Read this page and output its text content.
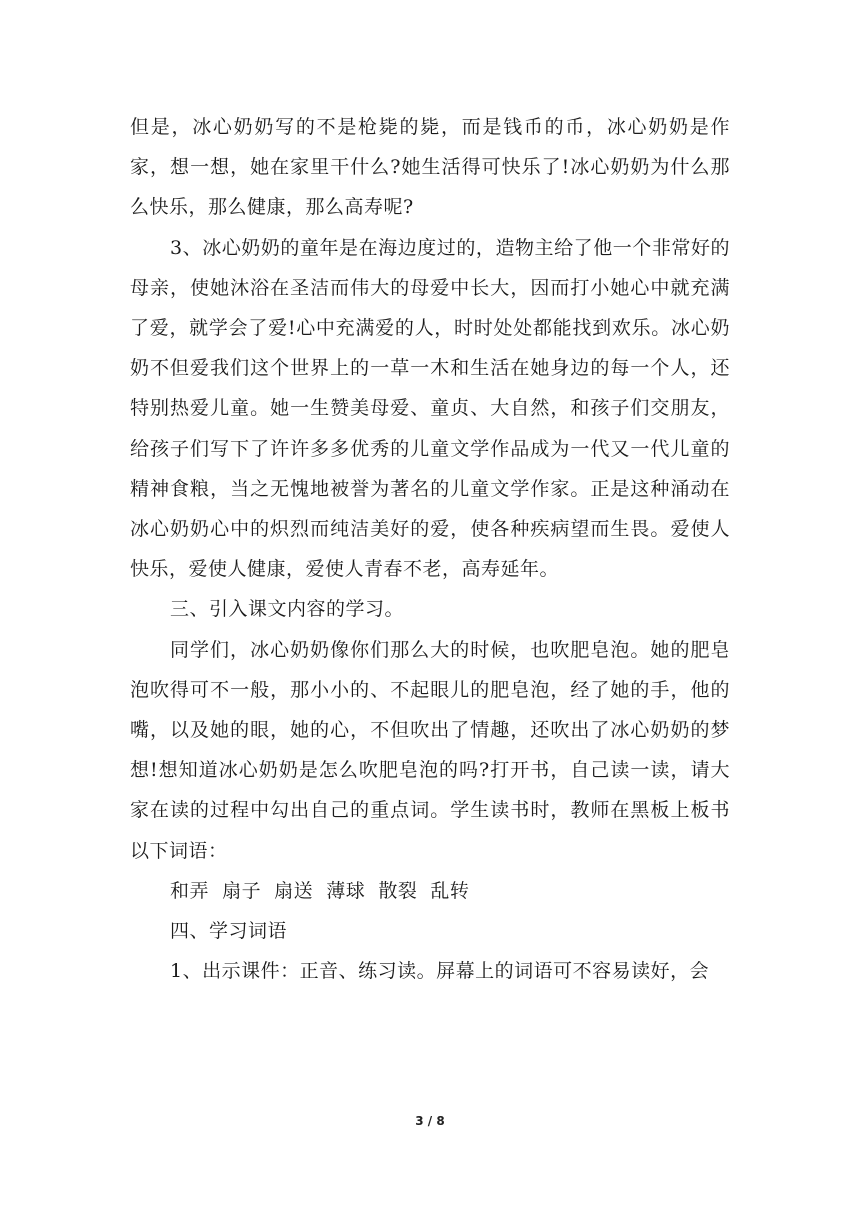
但是，冰心奶奶写的不是枪毙的毙，而是钱币的币，冰心奶奶是作家，想一想，她在家里干什么?她生活得可快乐了!冰心奶奶为什么那么快乐，那么健康，那么高寿呢?

3、冰心奶奶的童年是在海边度过的，造物主给了他一个非常好的母亲，使她沐浴在圣洁而伟大的母爱中长大，因而打小她心中就充满了爱，就学会了爱!心中充满爱的人，时时处处都能找到欢乐。冰心奶奶不但爱我们这个世界上的一草一木和生活在她身边的每一个人，还特别热爱儿童。她一生赞美母爱、童贞、大自然，和孩子们交朋友，给孩子们写下了许许多多优秀的儿童文学作品成为一代又一代儿童的精神食粮，当之无愧地被誉为著名的儿童文学作家。正是这种涌动在冰心奶奶心中的炽烈而纯洁美好的爱，使各种疾病望而生畏。爱使人快乐，爱使人健康，爱使人青春不老，高寿延年。

三、引入课文内容的学习。

同学们，冰心奶奶像你们那么大的时候，也吹肥皂泡。她的肥皂泡吹得可不一般，那小小的、不起眼儿的肥皂泡，经了她的手，他的嘴，以及她的眼，她的心，不但吹出了情趣，还吹出了冰心奶奶的梦想!想知道冰心奶奶是怎么吹肥皂泡的吗?打开书，自己读一读，请大家在读的过程中勾出自己的重点词。学生读书时，教师在黑板上板书以下词语：

和弄  扇子  扇送  薄球  散裂  乱转

四、学习词语

1、出示课件：正音、练习读。屏幕上的词语可不容易读好，会

3 / 8
